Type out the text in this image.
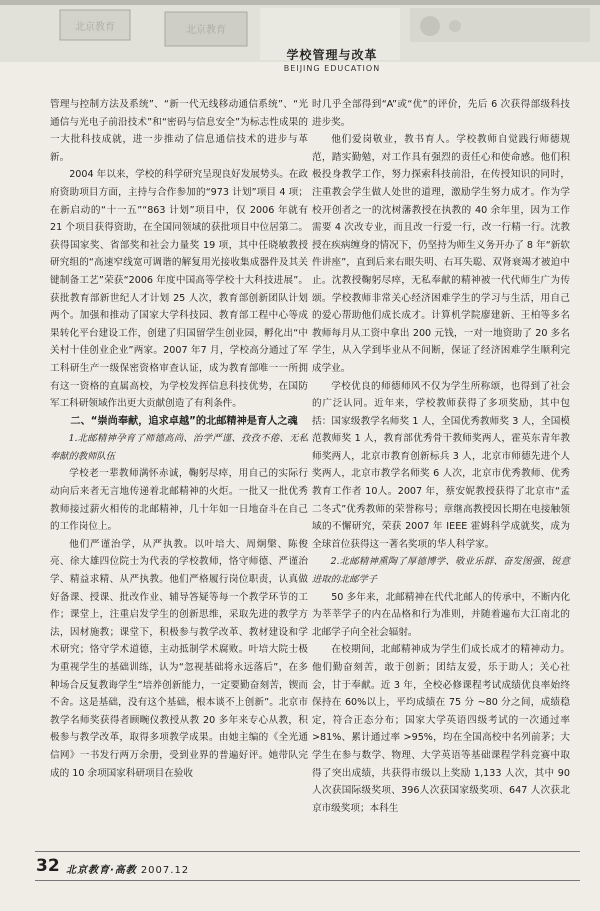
北京教育	北京教育
学校管理与改革
BEIJING EDUCATION

管理与控制方法及系统”、“新一代无线移动通信系统”、“光通信与光电子前沿技术”和“密码与信息安全”为标志性成果的一大批科技成就，进一步推动了信息通信技术的进步与革新。

2004 年以来，学校的科学研究呈现良好发展势头。在政府资助项目方面，主持与合作参加的“973 计划”项目 4 项；在新启动的“十一五”“863 计划”项目中，仅 2006 年就有 21 个项目获得资助，在全国同领域的获批项目中位居第二。获得国家奖、省部奖和社会力量奖 19 项，其中任晓敏教授研究组的“高速窄线宽可调谐的解复用光接收集成器件及其关键制备工艺”荣获“2006 年度中国高等学校十大科技进展”。获批教育部新世纪人才计划 25 人次，教育部创新团队计划两个。加强和推动了国家大学科技园、教育部工程中心等成果转化平台建设工作，创建了归国留学生创业园，孵化出“中关村十佳创业企业”两家。2007 年7 月，学校高分通过了军工科研生产一级保密资格审查认证，成为教育部唯一一所拥有这一资格的直属高校，为学校发挥信息科技优势，在国防军工科研领域作出更大贡献创造了有利条件。

二、“崇尚奉献，追求卓越”的北邮精神是育人之魂

1.北邮精神孕育了师德高尚、治学严谨、孜孜不倦、无私奉献的教师队伍

学校老一辈教师满怀赤诚，鞠躬尽瘁，用自己的实际行动向后来者无言地传递着北邮精神的火炬。一批又一批优秀教师接过薪火相传的北邮精神，几十年如一日地奋斗在自己的工作岗位上。

他们严谨治学，从严执教。以叶培大、周炯槃、陈俊亮、徐大雄四位院士为代表的学校教师，恪守师德、严谨治学、精益求精、从严执教。他们严格履行岗位职责，认真做好备课、授课、批改作业、辅导答疑等每一个教学环节的工作；课堂上，注重启发学生的创新思维，采取先进的教学方法，因材施教；课堂下，积极参与教学改革、教材建设和学术研究；恪守学术道德，主动抵制学术腐败。叶培大院士极为重视学生的基础训练，认为“忽视基础将永远落后”，在多种场合反复教诲学生“培养创新能力，一定要勤奋刻苦，锲而不舍。这是基础，没有这个基础，根本谈不上创新”。北京市教学名师奖获得者顾畹仪教授从教 20 多年来专心从教，积极参与教学改革，取得多项教学成果。由她主编的《全光通信网》一书发行两万余册，受到业界的普遍好评。她带队完成的 10 余项国家科研项目在验收

时几乎全部得到“A”或“优”的评价，先后 6 次获得部级科技进步奖。

他们爱岗敬业，教书育人。学校教师自觉践行师德规范，踏实勤勉，对工作具有强烈的责任心和使命感。他们积极投身教学工作，努力探索科技前沿，在传授知识的同时，注重教会学生做人处世的道理，激励学生努力成才。作为学校开创者之一的沈树藩教授在执教的 40 余年里，因为工作需要 4 次改专业，而且改一行爱一行，改一行精一行。沈教授在疾病缠身的情况下，仍坚持为师生义务开办了 8 年“新软件讲座”，直到后来右眼失明、右耳失聪、双肾衰竭才被迫中止。沈教授鞠躬尽瘁，无私奉献的精神被一代代师生广为传颂。学校教师非常关心经济困难学生的学习与生活，用自己的爱心帮助他们成长成才。计算机学院廖建新、王柏等多名教师每月从工资中拿出 200 元钱，一对一地资助了 20 多名学生，从入学到毕业从不间断，保证了经济困难学生顺利完成学业。

学校优良的师德师风不仅为学生所称颂，也得到了社会的广泛认同。近年来，学校教师获得了多项奖励，其中包括：国家级教学名师奖 1 人，全国优秀教师奖 3 人，全国模范教师奖 1 人，教育部优秀骨干教师奖两人，霍英东青年教师奖两人，北京市教育创新标兵 3 人，北京市师德先进个人奖两人，北京市教学名师奖 6 人次，北京市优秀教师、优秀教育工作者 10人。2007 年，蔡安妮教授获得了北京市“孟二冬式”优秀教师的荣誉称号；章继高教授因长期在电接触领域的不懈研究，荣获 2007 年 IEEE 霍姆科学成就奖，成为全球首位获得这一著名奖项的华人科学家。

2.北邮精神熏陶了厚德博学、敬业乐群、奋发图强、锐意进取的北邮学子

50 多年来，北邮精神在代代北邮人的传承中，不断内化为莘莘学子的内在品格和行为准则，并随着遍布大江南北的北邮学子向全社会辐射。

在校期间，北邮精神成为学生们成长成才的精神动力。他们勤奋刻苦，敢于创新；团结友爱，乐于助人；关心社会，甘于奉献。近 3 年，全校必修课程考试成绩优良率始终保持在 60%以上，平均成绩在 75 分 ~80 分之间，成绩稳定，符合正态分布；国家大学英语四级考试的一次通过率 >81%、累计通过率 >95%，均在全国高校中名列前茅；大学生在参与数学、物理、大学英语等基础课程学科竞赛中取得了突出成绩，共获得市级以上奖励 1,133 人次，其中 90 人次获国际级奖项、396人次获国家级奖项、647 人次获北京市级奖项；本科生

32 北京教育·高教 2007.12
